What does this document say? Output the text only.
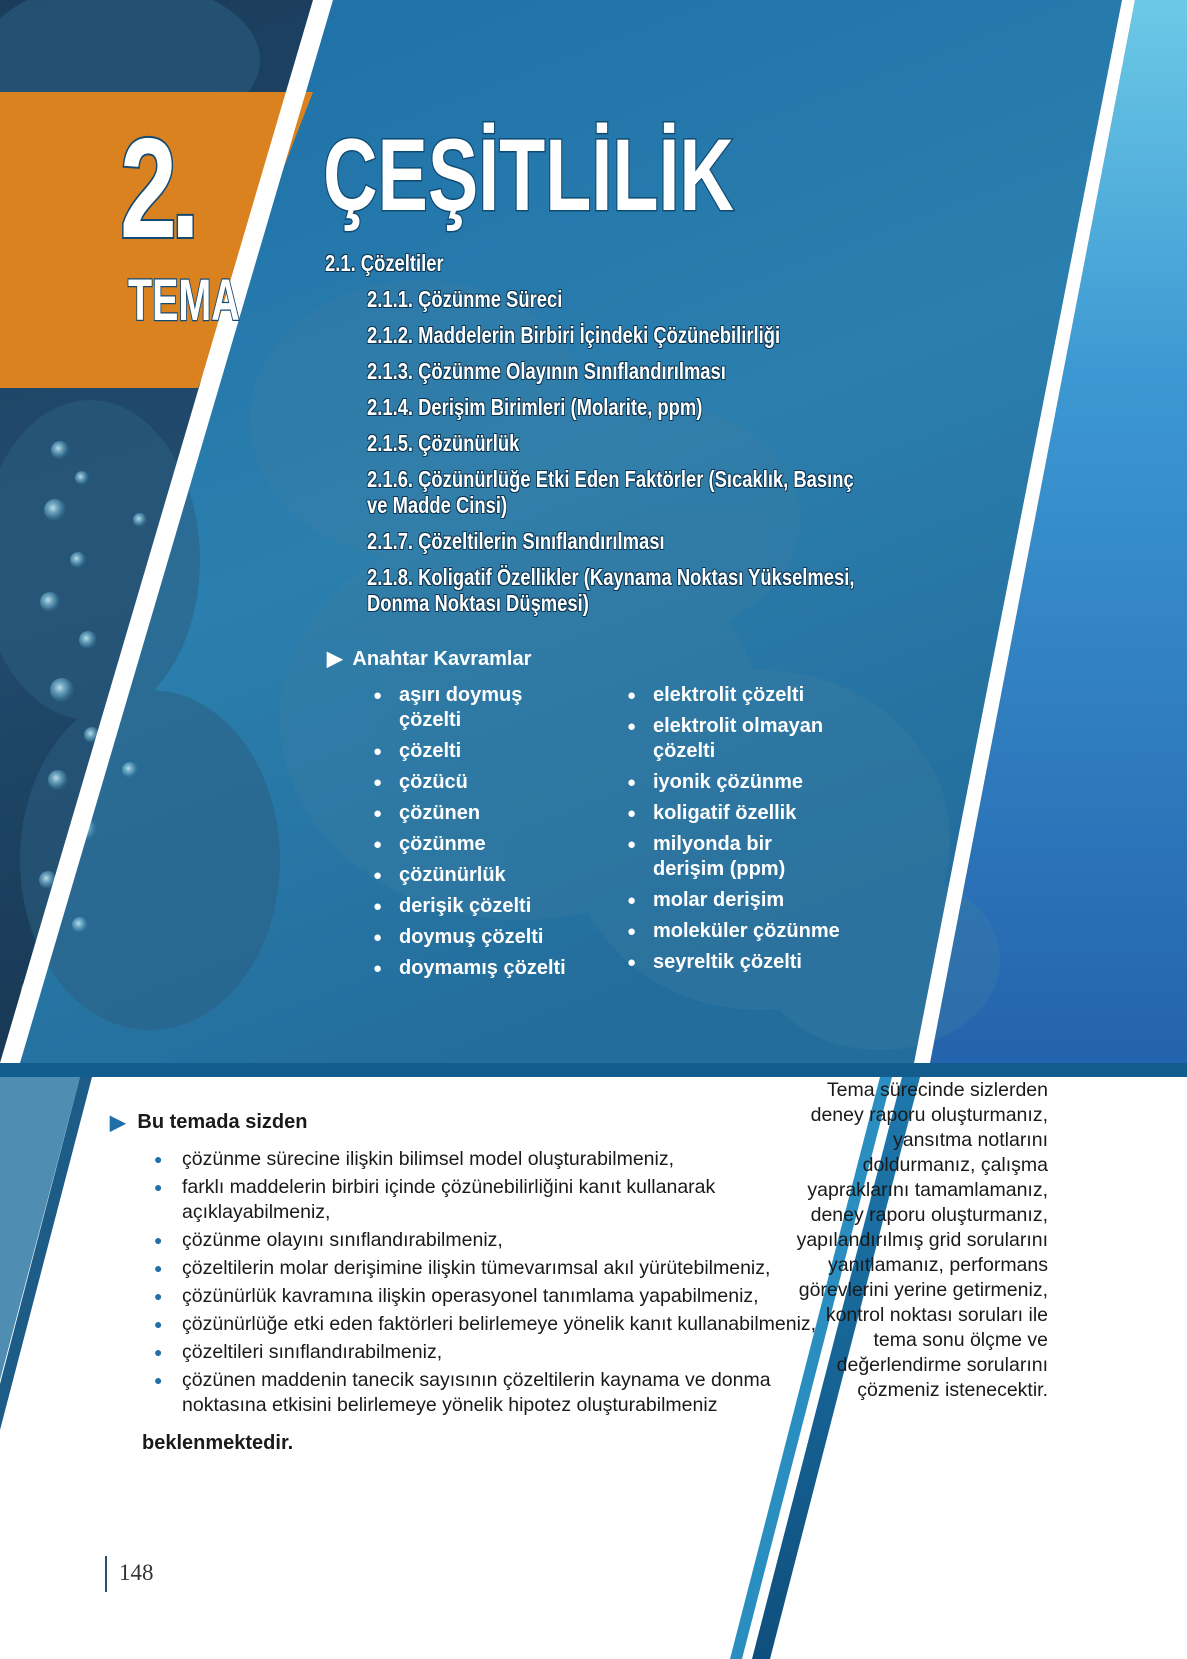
2.
TEMA
ÇEŞİTLİLİK
2.1. Çözeltiler
2.1.1. Çözünme Süreci
2.1.2. Maddelerin Birbiri İçindeki Çözünebilirliği
2.1.3. Çözünme Olayının Sınıflandırılması
2.1.4. Derişim Birimleri (Molarite, ppm)
2.1.5. Çözünürlük
2.1.6. Çözünürlüğe Etki Eden Faktörler (Sıcaklık, Basınç ve Madde Cinsi)
2.1.7. Çözeltilerin Sınıflandırılması
2.1.8. Koligatif Özellikler (Kaynama Noktası Yükselmesi, Donma Noktası Düşmesi)
▶ Anahtar Kavramlar
● aşırı doymuş çözelti
● çözelti
● çözücü
● çözünen
● çözünme
● çözünürlük
● derişik çözelti
● doymuş çözelti
● doymamış çözelti
● elektrolit çözelti
● elektrolit olmayan çözelti
● iyonik çözünme
● koligatif özellik
● milyonda bir derişim (ppm)
● molar derişim
● moleküler çözünme
● seyreltik çözelti
▶ Bu temada sizden
●	çözünme sürecine ilişkin bilimsel model oluşturabilmeniz,
●	farklı maddelerin birbiri içinde çözünebilirliğini kanıt kullanarak açıklayabilmeniz,
●	çözünme olayını sınıflandırabilmeniz,
●	çözeltilerin molar derişimine ilişkin tümevarımsal akıl yürütebilmeniz,
●	çözünürlük kavramına ilişkin operasyonel tanımlama yapabilmeniz,
●	çözünürlüğe etki eden faktörleri belirlemeye yönelik kanıt kullanabilmeniz,
●	çözeltileri sınıflandırabilmeniz,
●	çözünen maddenin tanecik sayısının çözeltilerin kaynama ve donma noktasına etkisini belirlemeye yönelik hipotez oluşturabilmeniz
beklenmektedir.
Tema sürecinde sizlerden deney raporu oluşturmanız, yansıtma notlarını doldurmanız, çalışma yapraklarını tamamlamanız, deney raporu oluşturmanız, yapılandırılmış grid sorularını yanıtlamanız, performans görevlerini yerine getirmeniz, kontrol noktası soruları ile tema sonu ölçme ve değerlendirme sorularını çözmeniz istenecektir.
148
